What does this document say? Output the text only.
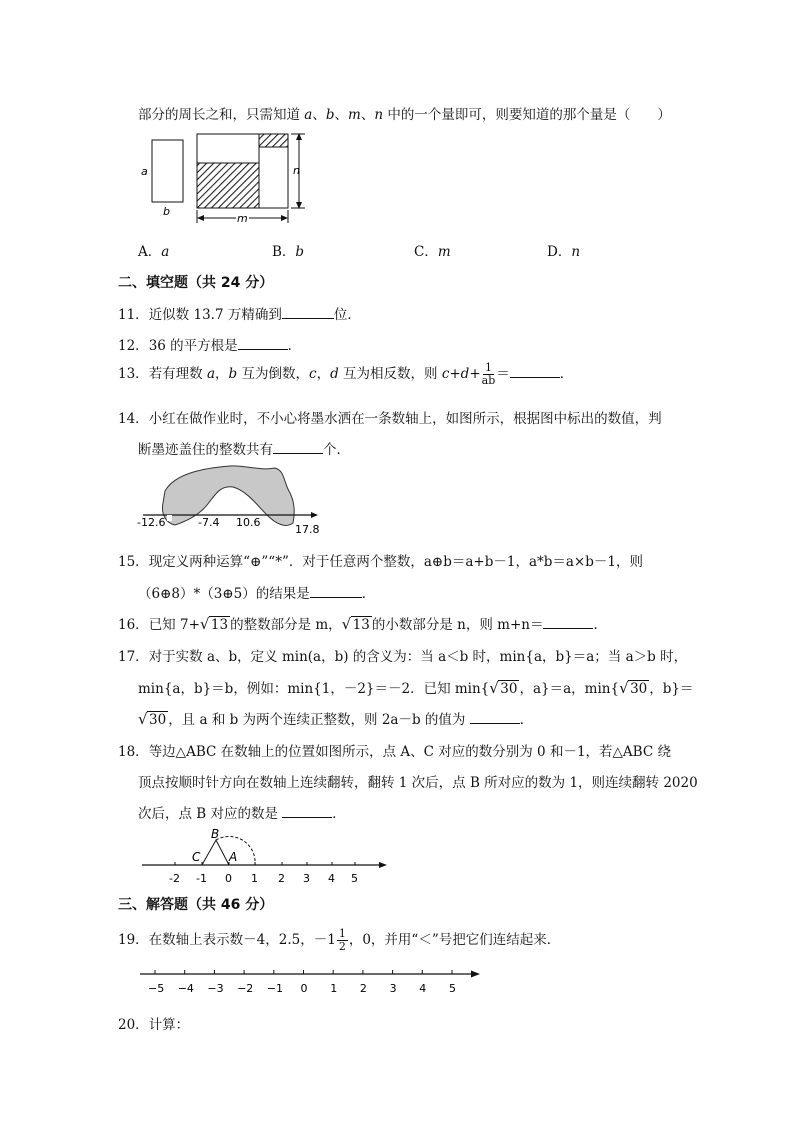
部分的周长之和，只需知道 a、b、m、n 中的一个量即可，则要知道的那个量是（　　）
a
b
n
m
A．a	B．b	C．m	D．n
二、填空题（共 24 分）
11．近似数 13.7 万精确到	位．
12．36 的平方根是	．
13．若有理数 a，b 互为倒数，c，d 互为相反数，则 $c+d+ \frac{1}{ab}$ ＝	．
14．小红在做作业时，不小心将墨水洒在一条数轴上，如图所示，根据图中标出的数值，判
断墨迹盖住的整数共有	个．
-12.6	-7.4 10.6
17.8
15．现定义两种运算“⊕”“*”．对于任意两个整数，a⊕b＝a+b－1，a*b＝a×b－1，则
（6⊕8）*（3⊕5）的结果是	．
16．已知 7+ √ 13 的整数部分是 m， √ 13 的小数部分是 n，则 m+n＝	．
17．对于实数 a、b，定义 min(a，b) 的含义为：当 a＜b 时，min{a，b}＝a；当 a＞b 时，
min{a，b}＝b，例如：min{1，－2}＝－2．已知 min{ √ 30 ，a}＝a，min{ √ 30 ，b}＝
√ 30 ，且 a 和 b 为两个连续正整数，则 2a－b 的值为	．
18．等边△ABC 在数轴上的位置如图所示，点 A、C 对应的数分别为 0 和－1，若△ABC 绕
顶点按顺时针方向在数轴上连续翻转，翻转 1 次后，点 B 所对应的数为 1，则连续翻转 2020
次后，点 B 对应的数是	．
B
C A
-2 -1 0 1 2 3 4 5
三、解答题（共 46 分）
19．在数轴上表示数－4，2.5，$-1 \frac{1}{2}$ ，0，并用“＜”号把它们连结起来．
−5 −4 −3 −2 −1 0 1 2 3 4 5
20．计算：
